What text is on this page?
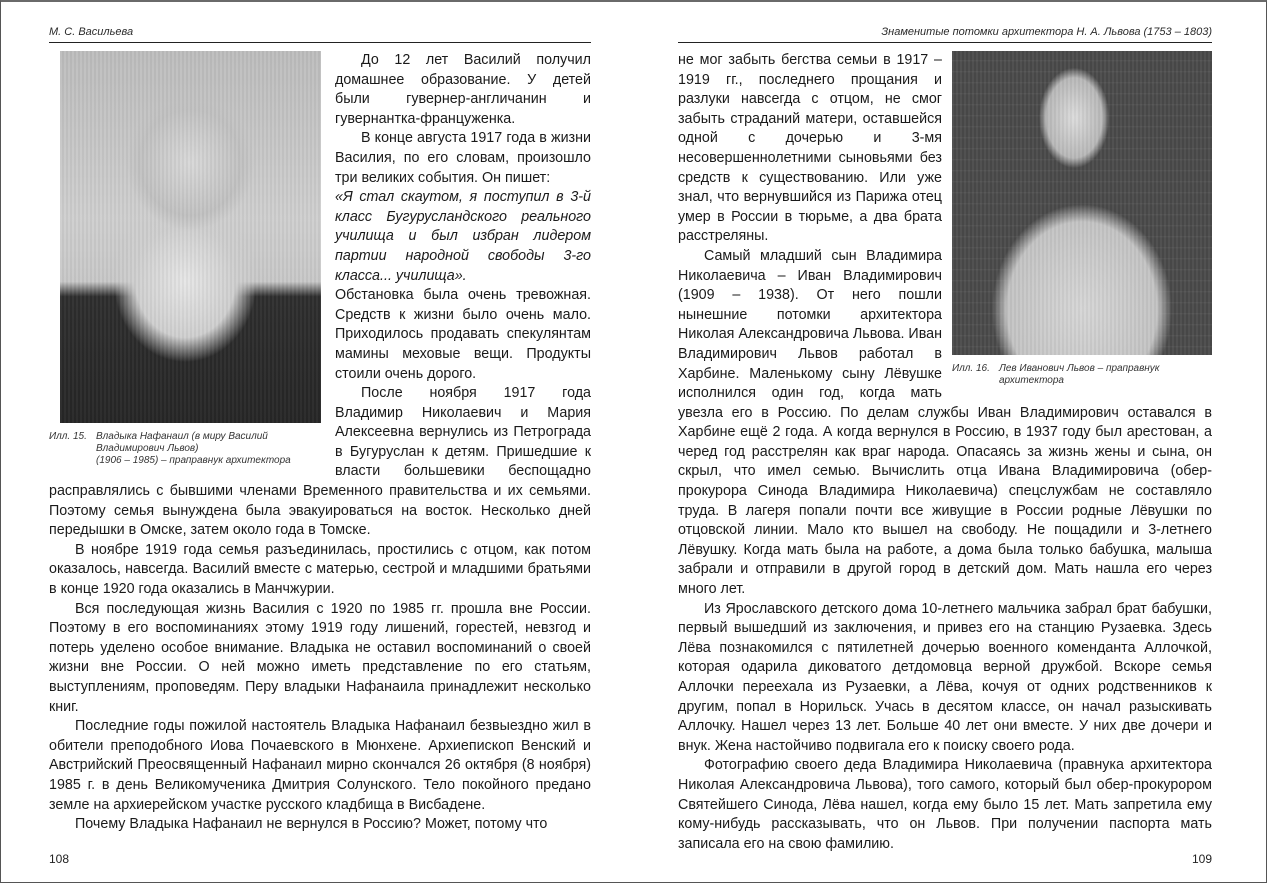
М. С. Васильева
Илл. 15. Владыка Нафанаил (в миру Василий
Владимирович Львов)
(1906 – 1985) – праправнук архитектора

До 12 лет Василий получил домашнее образование. У детей были гувернер-англичанин и гувернантка-француженка.

В конце августа 1917 года в жизни Василия, по его словам, произошло три великих события. Он пишет:

«Я стал скаутом, я поступил в 3-й класс Бугурусландского реального училища и был избран лидером партии народной свободы 3-го класса... училища».

Обстановка была очень тревожная. Средств к жизни было очень мало. Приходилось продавать спекулянтам мамины меховые вещи. Продукты стоили очень дорого.

После ноября 1917 года Владимир Николаевич и Мария Алексеевна вернулись из Петрограда в Бугуруслан к детям. Пришедшие к власти большевики беспощадно расправлялись с бывшими членами Временного правительства и их семьями. Поэтому семья вынуждена была эвакуироваться на восток. Несколько дней передышки в Омске, затем около года в Томске.

В ноябре 1919 года семья разъединилась, простились с отцом, как потом оказалось, навсегда. Василий вместе с матерью, сестрой и младшими братьями в конце 1920 года оказались в Манчжурии.

Вся последующая жизнь Василия с 1920 по 1985 гг. прошла вне России. Поэтому в его воспоминаниях этому 1919 году лишений, горестей, невзгод и потерь уделено особое внимание. Владыка не оставил воспоминаний о своей жизни вне России. О ней можно иметь представление по его статьям, выступлениям, проповедям. Перу владыки Нафанаила принадлежит несколько книг.

Последние годы пожилой настоятель Владыка Нафанаил безвыездно жил в обители преподобного Иова Почаевского в Мюнхене. Архиепископ Венский и Австрийский Преосвященный Нафанаил мирно скончался 26 октября (8 ноября) 1985 г. в день Великомученика Дмитрия Солунского. Тело покойного предано земле на архиерейском участке русского кладбища в Висбадене.

Почему Владыка Нафанаил не вернулся в Россию? Может, потому что

108
Знаменитые потомки архитектора Н. А. Львова (1753 – 1803)
Илл. 16. Лев Иванович Львов – праправнук
архитектора

не мог забыть бегства семьи в 1917 – 1919 гг., последнего прощания и разлуки навсегда с отцом, не смог забыть страданий матери, оставшейся одной с дочерью и 3-мя несовершеннолетними сыновьями без средств к существованию. Или уже знал, что вернувшийся из Парижа отец умер в России в тюрьме, а два брата расстреляны.

Самый младший сын Владимира Николаевича – Иван Владимирович (1909 – 1938). От него пошли нынешние потомки архитектора Николая Александровича Львова. Иван Владимирович Львов работал в Харбине. Маленькому сыну Лёвушке исполнился один год, когда мать увезла его в Россию. По делам службы Иван Владимирович оставался в Харбине ещё 2 года. А когда вернулся в Россию, в 1937 году был арестован, а черед год расстрелян как враг народа. Опасаясь за жизнь жены и сына, он скрыл, что имел семью. Вычислить отца Ивана Владимировича (обер-прокурора Синода Владимира Николаевича) спецслужбам не составляло труда. В лагеря попали почти все живущие в России родные Лёвушки по отцовской линии. Мало кто вышел на свободу. Не пощадили и 3-летнего Лёвушку. Когда мать была на работе, а дома была только бабушка, малыша забрали и отправили в другой город в детский дом. Мать нашла его через много лет.

Из Ярославского детского дома 10-летнего мальчика забрал брат бабушки, первый вышедший из заключения, и привез его на станцию Рузаевка. Здесь Лёва познакомился с пятилетней дочерью военного коменданта Аллочкой, которая одарила диковатого детдомовца верной дружбой. Вскоре семья Аллочки переехала из Рузаевки, а Лёва, кочуя от одних родственников к другим, попал в Норильск. Учась в десятом классе, он начал разыскивать Аллочку. Нашел через 13 лет. Больше 40 лет они вместе. У них две дочери и внук. Жена настойчиво подвигала его к поиску своего рода.

Фотографию своего деда Владимира Николаевича (правнука архитектора Николая Александровича Львова), того самого, который был обер-прокурором Святейшего Синода, Лёва нашел, когда ему было 15 лет. Мать запретила ему кому-нибудь рассказывать, что он Львов. При получении паспорта мать записала его на свою фамилию.

109
